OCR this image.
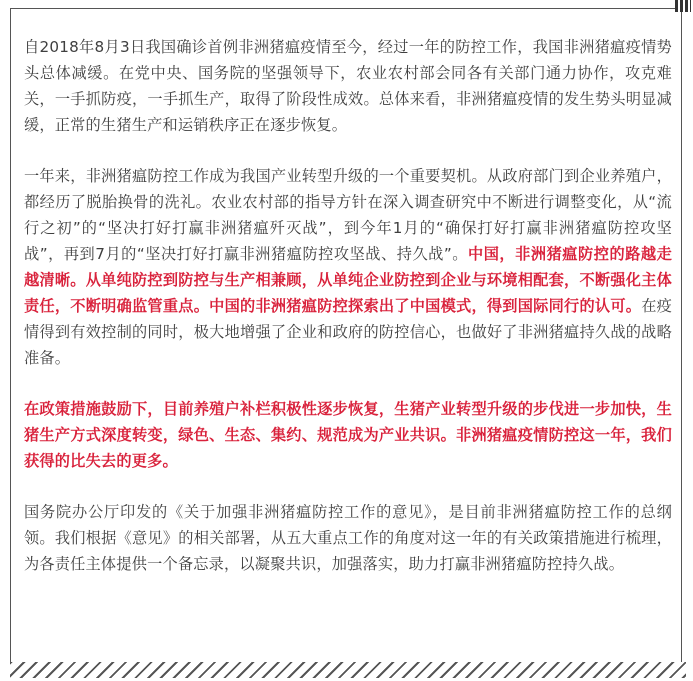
自2018年8月3日我国确诊首例非洲猪瘟疫情至今，经过一年的防控工作，我国非洲猪瘟疫情势头总体减缓。在党中央、国务院的坚强领导下，农业农村部会同各有关部门通力协作，攻克难关，一手抓防疫，一手抓生产，取得了阶段性成效。总体来看，非洲猪瘟疫情的发生势头明显减缓，正常的生猪生产和运销秩序正在逐步恢复。

一年来，非洲猪瘟防控工作成为我国产业转型升级的一个重要契机。从政府部门到企业养殖户，都经历了脱胎换骨的洗礼。农业农村部的指导方针在深入调查研究中不断进行调整变化，从“流行之初”的“坚决打好打赢非洲猪瘟歼灭战”，到今年1月的“确保打好打赢非洲猪瘟防控攻坚战”，再到7月的“坚决打好打赢非洲猪瘟防控攻坚战、持久战”。中国，非洲猪瘟防控的路越走越清晰。从单纯防控到防控与生产相兼顾，从单纯企业防控到企业与环境相配套，不断强化主体责任，不断明确监管重点。中国的非洲猪瘟防控探索出了中国模式，得到国际同行的认可。在疫情得到有效控制的同时，极大地增强了企业和政府的防控信心，也做好了非洲猪瘟持久战的战略准备。

在政策措施鼓励下，目前养殖户补栏积极性逐步恢复，生猪产业转型升级的步伐进一步加快，生猪生产方式深度转变，绿色、生态、集约、规范成为产业共识。非洲猪瘟疫情防控这一年，我们获得的比失去的更多。

国务院办公厅印发的《关于加强非洲猪瘟防控工作的意见》，是目前非洲猪瘟防控工作的总纲领。我们根据《意见》的相关部署，从五大重点工作的角度对这一年的有关政策措施进行梳理，为各责任主体提供一个备忘录，以凝聚共识，加强落实，助力打赢非洲猪瘟防控持久战。
